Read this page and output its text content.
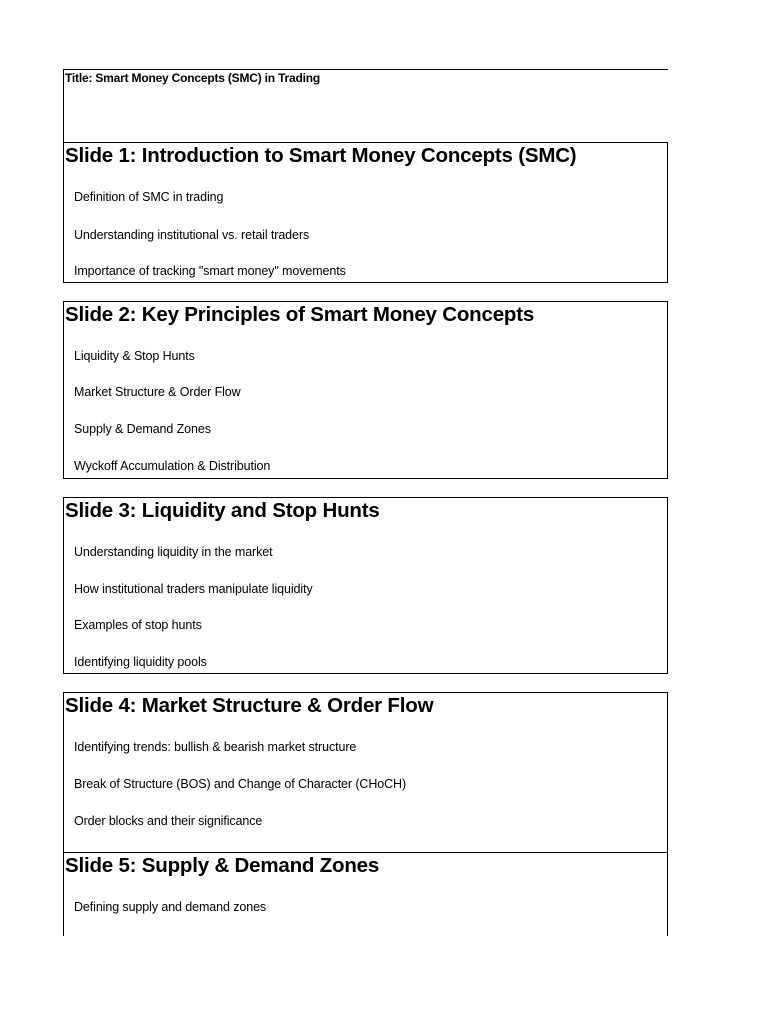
Title: Smart Money Concepts (SMC) in Trading
Slide 1: Introduction to Smart Money Concepts (SMC)
Definition of SMC in trading
Understanding institutional vs. retail traders
Importance of tracking "smart money" movements
Slide 2: Key Principles of Smart Money Concepts
Liquidity & Stop Hunts
Market Structure & Order Flow
Supply & Demand Zones
Wyckoff Accumulation & Distribution
Slide 3: Liquidity and Stop Hunts
Understanding liquidity in the market
How institutional traders manipulate liquidity
Examples of stop hunts
Identifying liquidity pools
Slide 4: Market Structure & Order Flow
Identifying trends: bullish & bearish market structure
Break of Structure (BOS) and Change of Character (CHoCH)
Order blocks and their significance
Slide 5: Supply & Demand Zones
Defining supply and demand zones
